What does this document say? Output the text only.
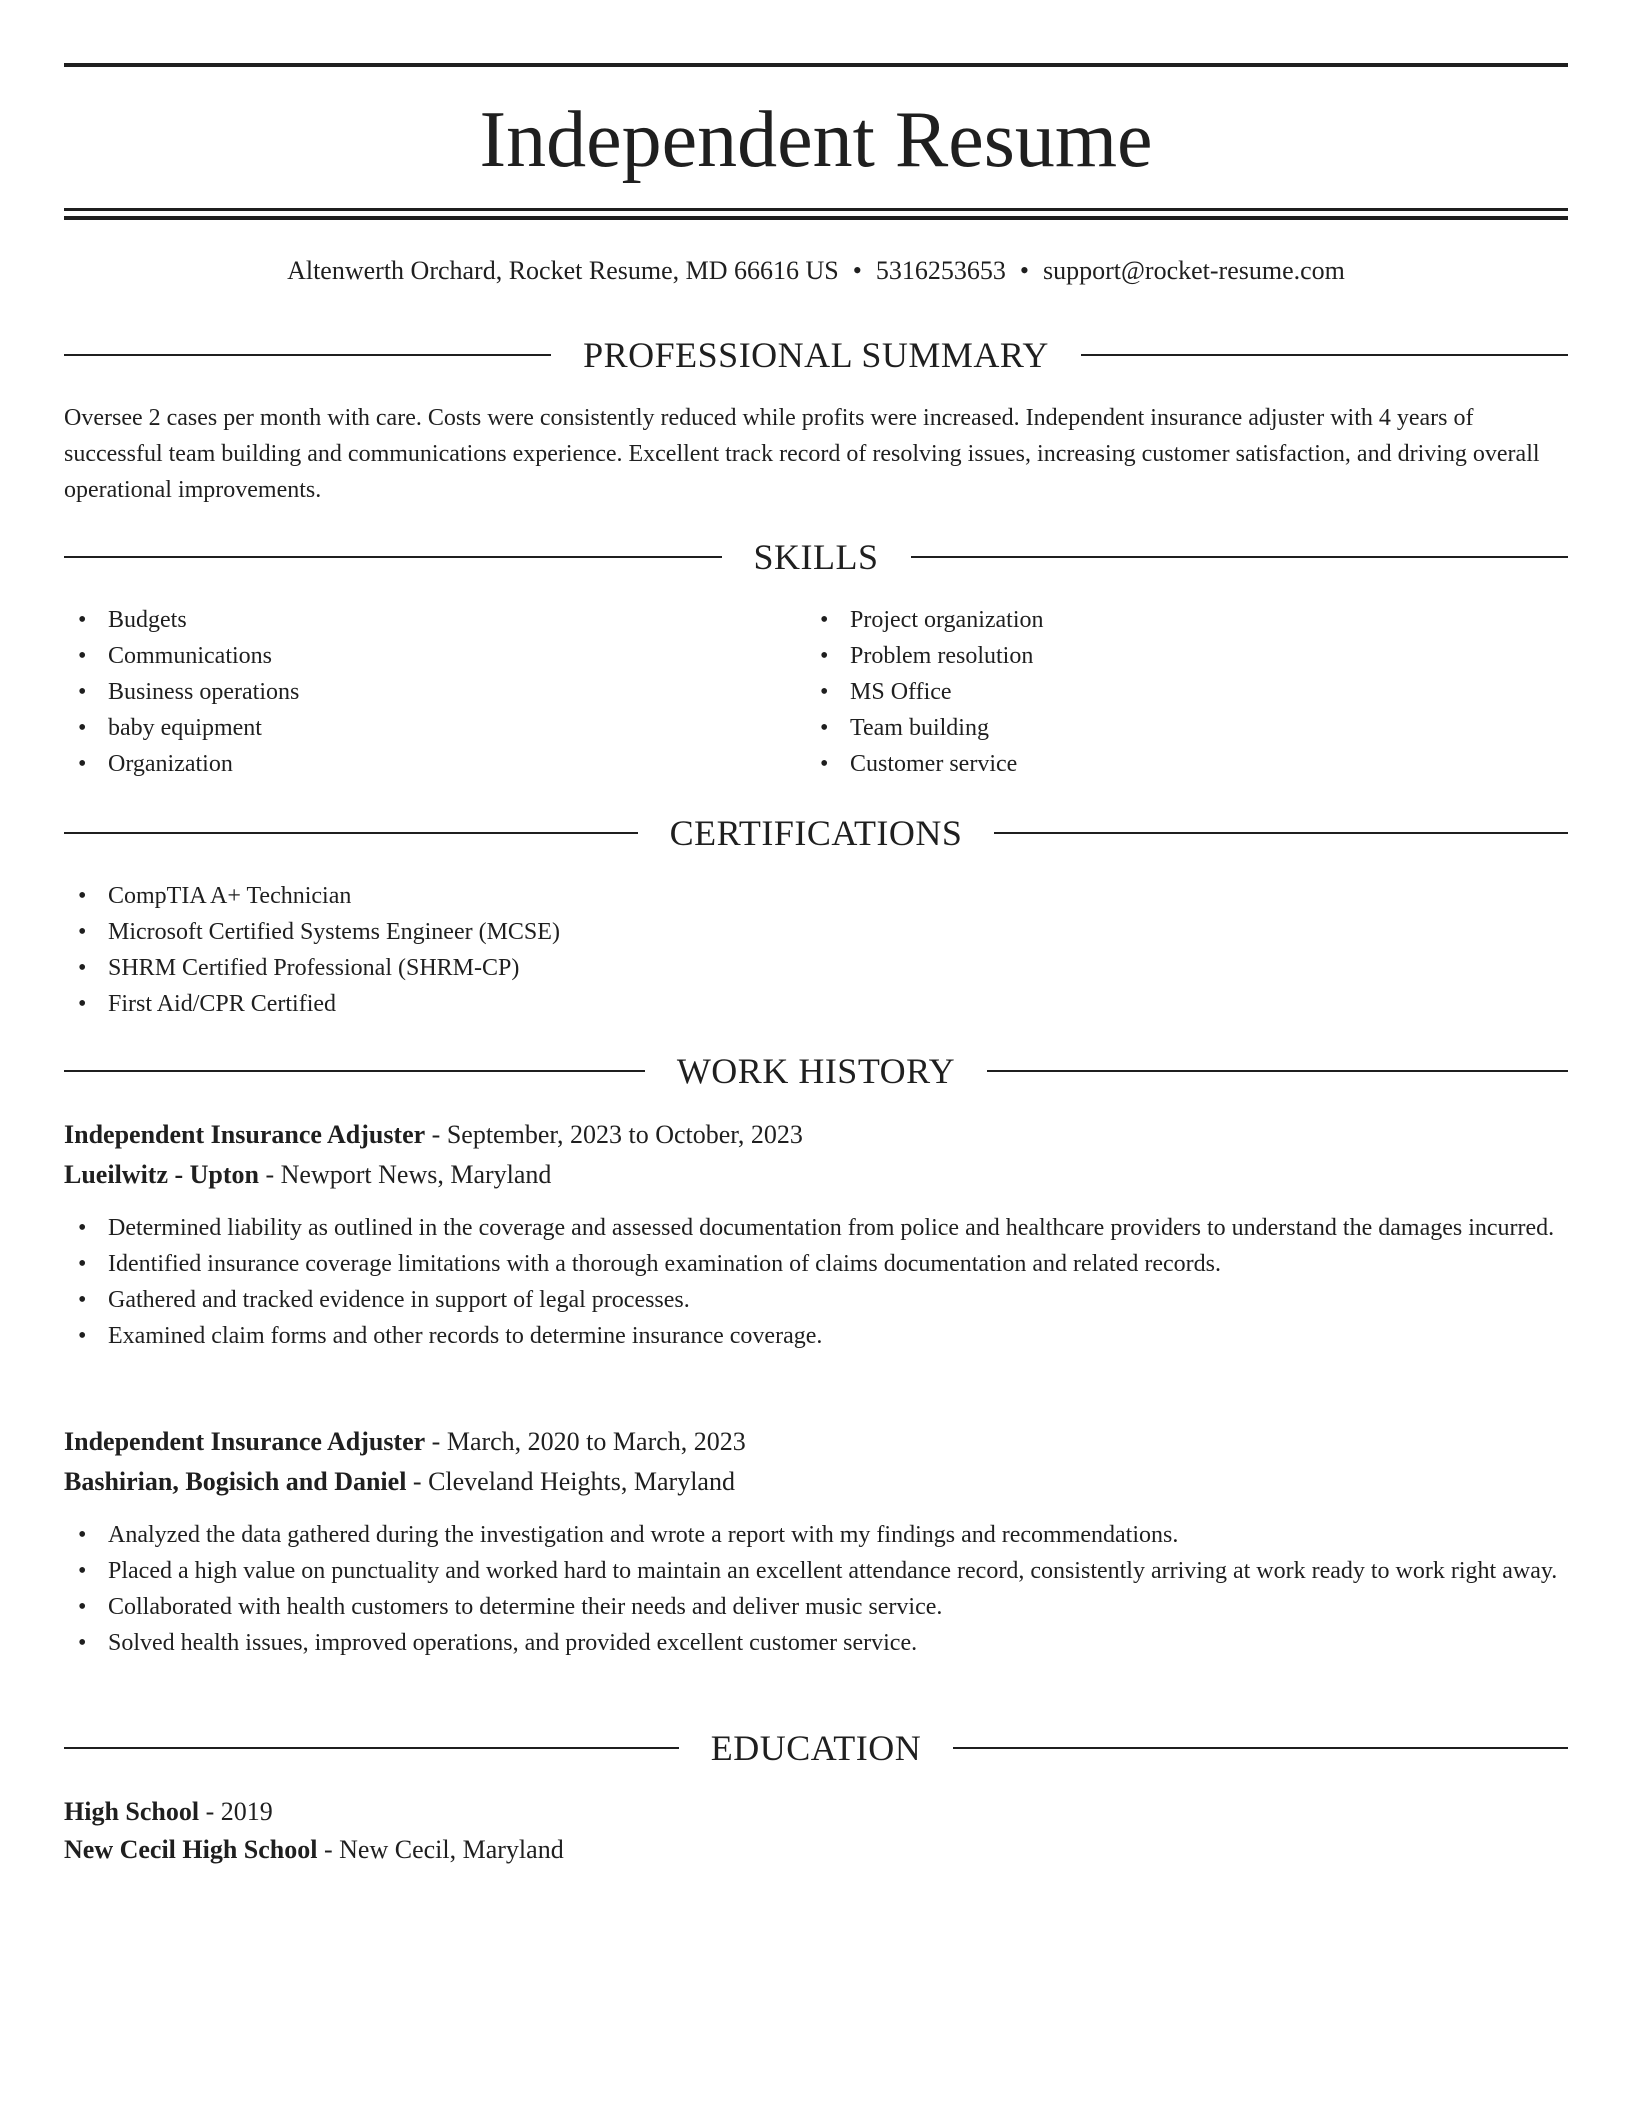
Independent Resume
Altenwerth Orchard, Rocket Resume, MD 66616 US • 5316253653 • support@rocket-resume.com
PROFESSIONAL SUMMARY

Oversee 2 cases per month with care. Costs were consistently reduced while profits were increased. Independent insurance adjuster with 4 years of successful team building and communications experience. Excellent track record of resolving issues, increasing customer satisfaction, and driving overall operational improvements.

SKILLS
• Budgets
• Communications
• Business operations
• baby equipment
• Organization
• Project organization
• Problem resolution
• MS Office
• Team building
• Customer service
CERTIFICATIONS
• CompTIA A+ Technician
• Microsoft Certified Systems Engineer (MCSE)
• SHRM Certified Professional (SHRM-CP)
• First Aid/CPR Certified
WORK HISTORY
Independent Insurance Adjuster - September, 2023 to October, 2023
Lueilwitz - Upton - Newport News, Maryland
• Determined liability as outlined in the coverage and assessed documentation from police and healthcare providers to understand the damages incurred.
• Identified insurance coverage limitations with a thorough examination of claims documentation and related records.
• Gathered and tracked evidence in support of legal processes.
• Examined claim forms and other records to determine insurance coverage.
Independent Insurance Adjuster - March, 2020 to March, 2023
Bashirian, Bogisich and Daniel - Cleveland Heights, Maryland
• Analyzed the data gathered during the investigation and wrote a report with my findings and recommendations.
• Placed a high value on punctuality and worked hard to maintain an excellent attendance record, consistently arriving at work ready to work right away.
• Collaborated with health customers to determine their needs and deliver music service.
• Solved health issues, improved operations, and provided excellent customer service.
EDUCATION
High School - 2019
New Cecil High School - New Cecil, Maryland
